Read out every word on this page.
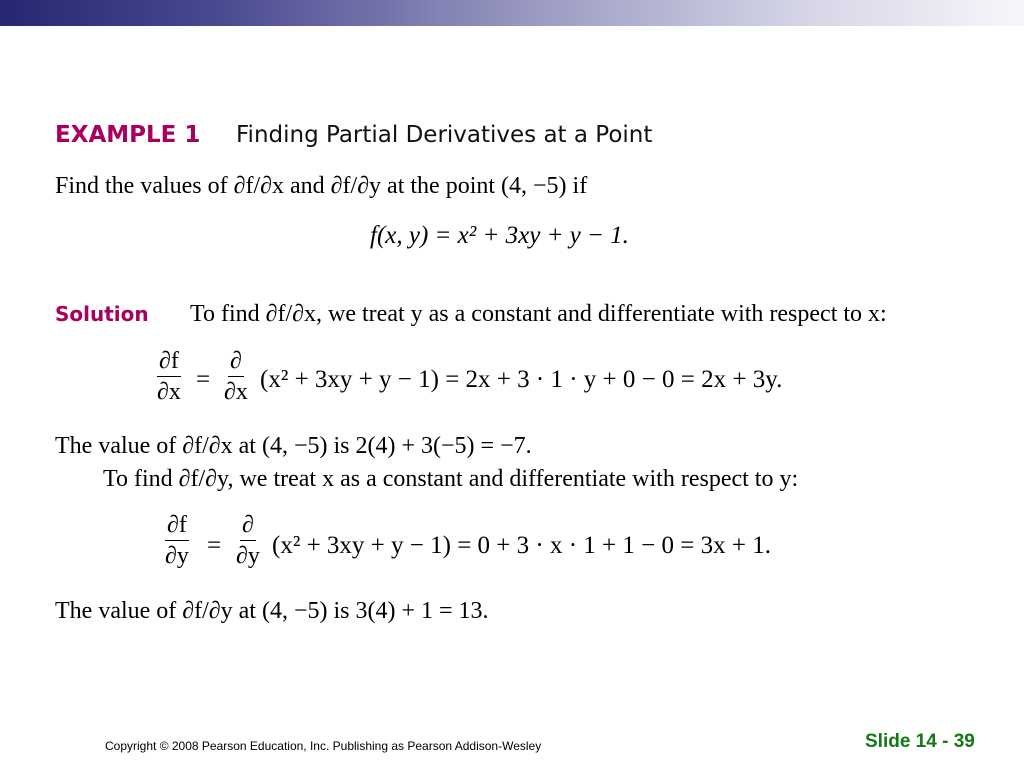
EXAMPLE 1 Finding Partial Derivatives at a Point
Find the values of ∂f/∂x and ∂f/∂y at the point (4, −5) if
f(x, y) = x² + 3xy + y − 1.
Solution To find ∂f/∂x, we treat y as a constant and differentiate with respect to x:
$\frac{\partial f}{\partial x}$ =
∂
∂x (x² + 3xy + y − 1) = 2x + 3 · 1 · y + 0 − 0 = 2x + 3y.
The value of ∂f/∂x at (4, −5) is 2(4) + 3(−5) = −7.
To find ∂f/∂y, we treat x as a constant and differentiate with respect to y:
$\frac{\partial f}{\partial y}$ =
∂
∂y (x² + 3xy + y − 1) = 0 + 3 · x · 1 + 1 − 0 = 3x + 1.
The value of ∂f/∂y at (4, −5) is 3(4) + 1 = 13.
Copyright © 2008 Pearson Education, Inc. Publishing as Pearson Addison-Wesley	Slide 14 - 39
